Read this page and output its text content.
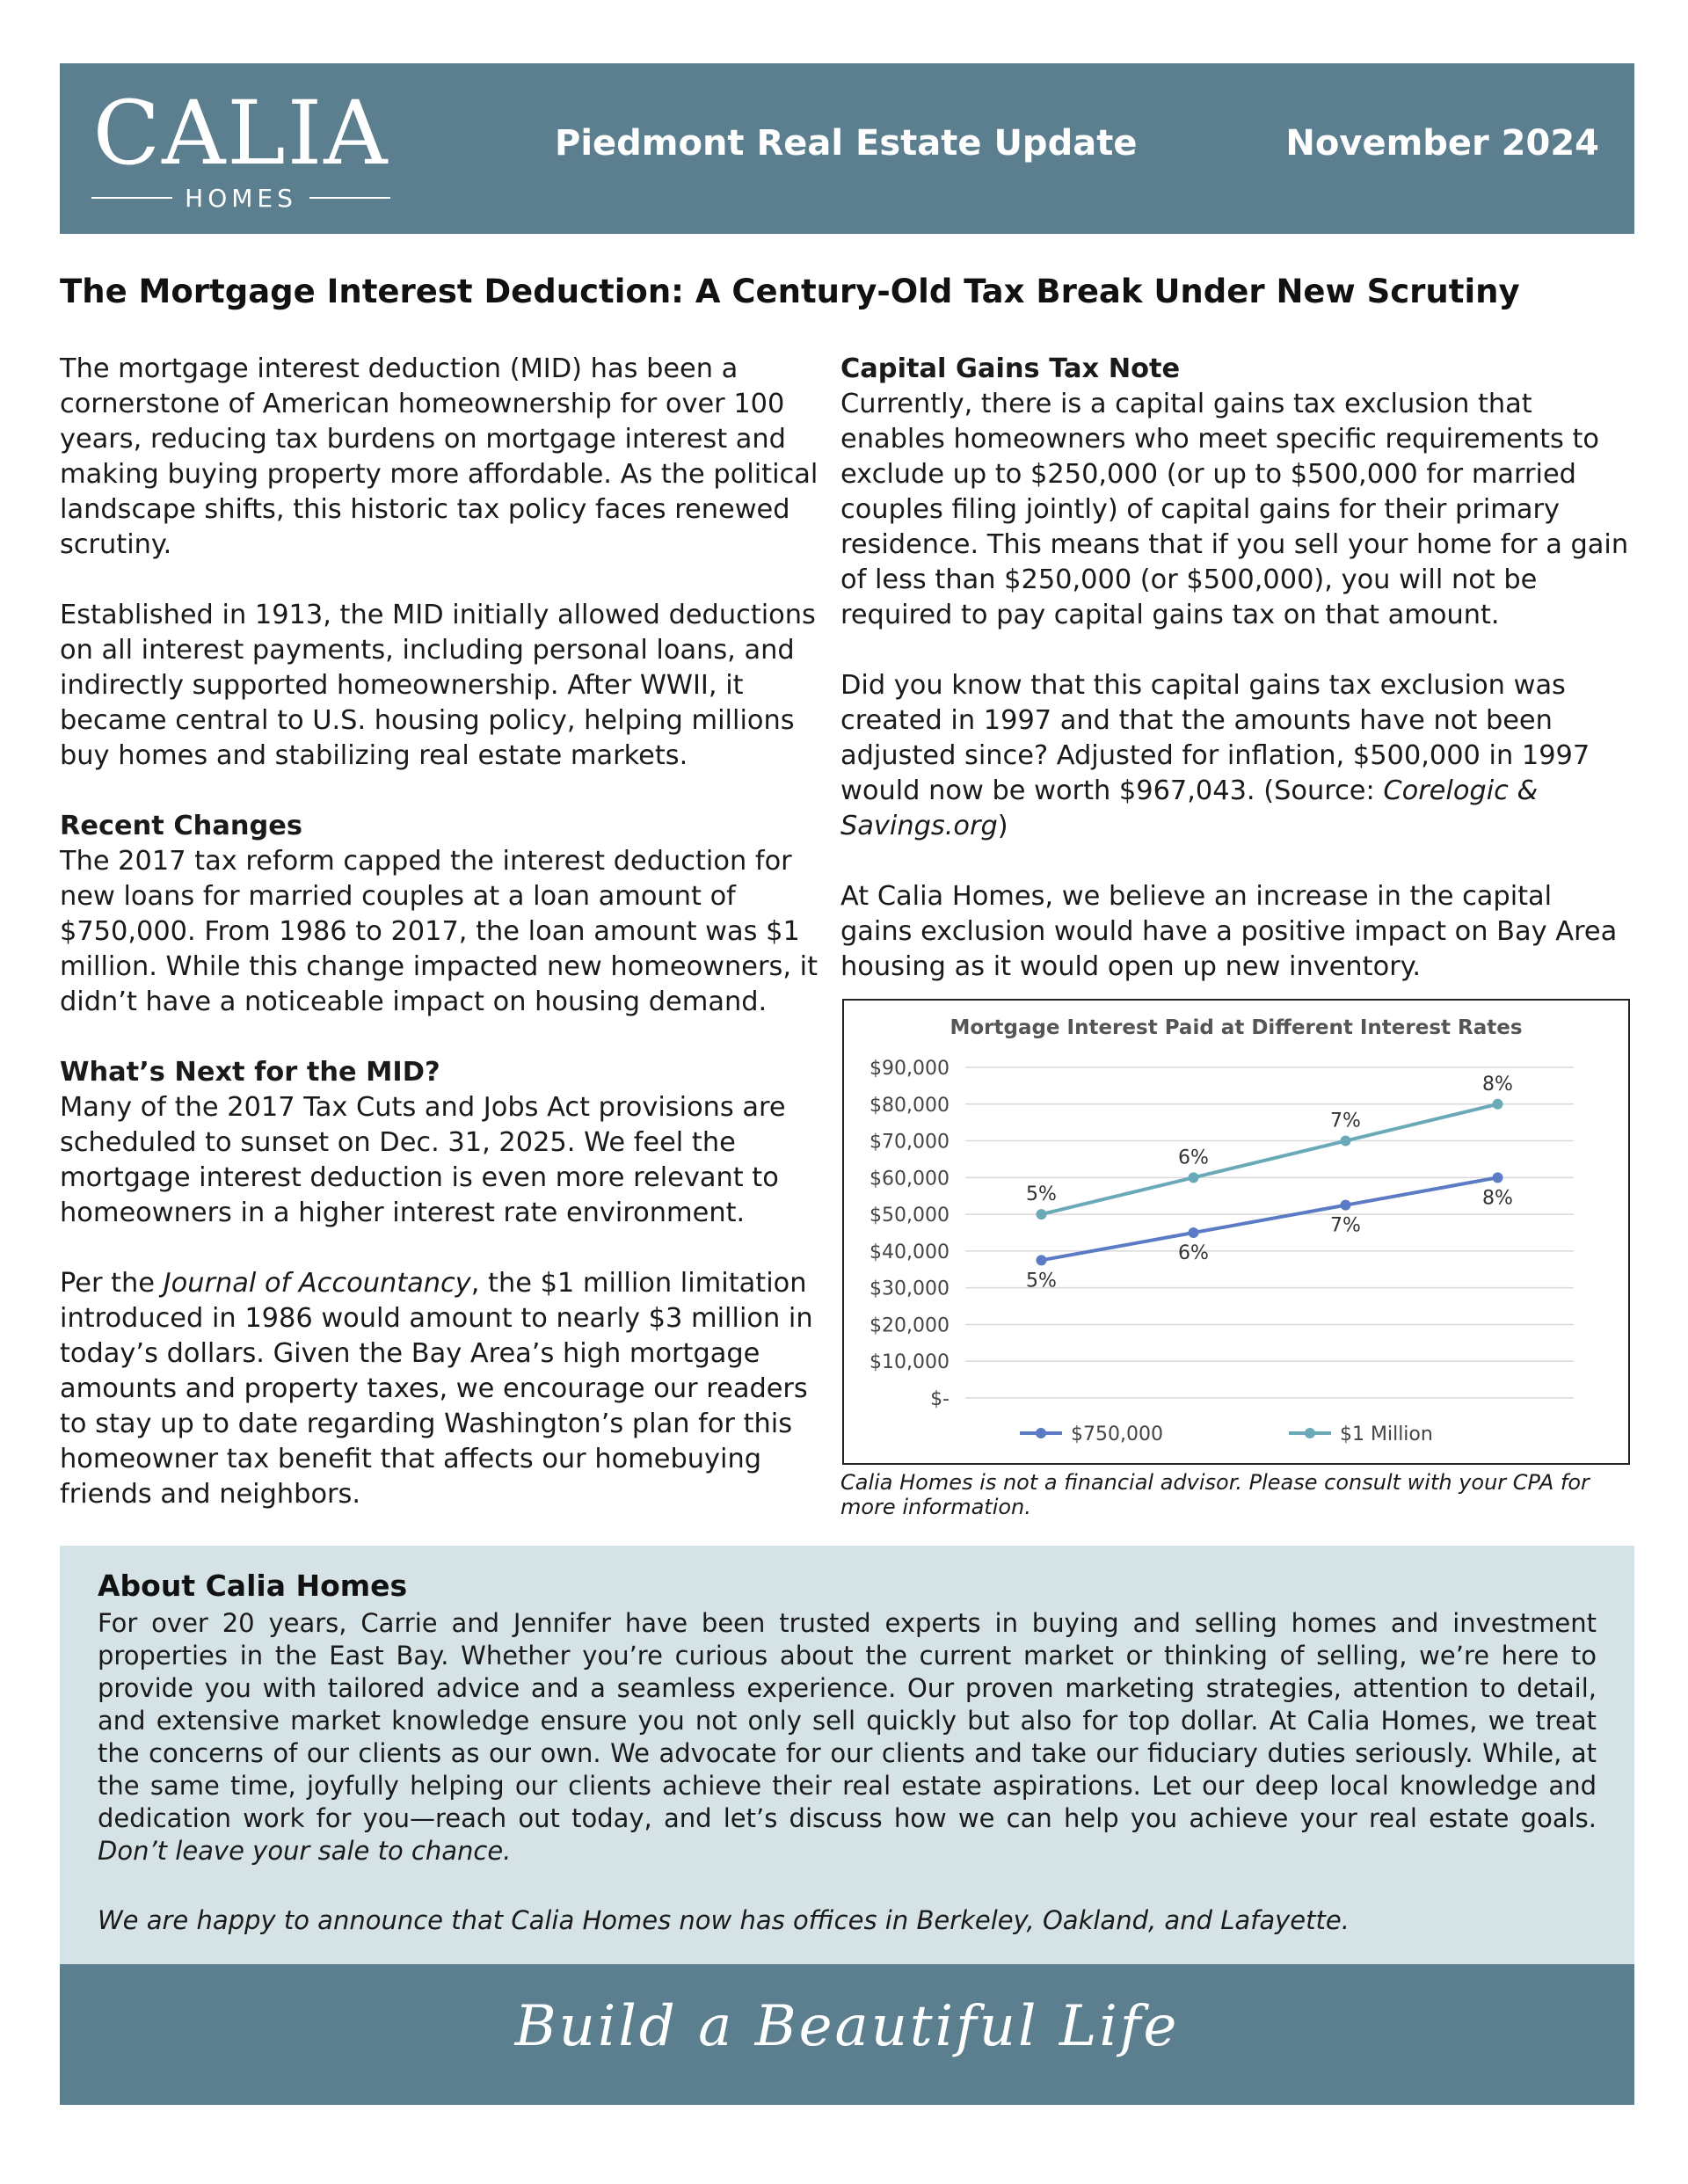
CALIA
HOMES
Piedmont Real Estate Update	November 2024
The Mortgage Interest Deduction: A Century-Old Tax Break Under New Scrutiny

The mortgage interest deduction (MID) has been a cornerstone of American homeownership for over 100 years, reducing tax burdens on mortgage interest and making buying property more affordable. As the political landscape shifts, this historic tax policy faces renewed scrutiny.

Established in 1913, the MID initially allowed deductions on all interest payments, including personal loans, and indirectly supported homeownership. After WWII, it became central to U.S. housing policy, helping millions buy homes and stabilizing real estate markets.

Recent Changes
The 2017 tax reform capped the interest deduction for new loans for married couples at a loan amount of $750,000. From 1986 to 2017, the loan amount was $1 million. While this change impacted new homeowners, it didn’t have a noticeable impact on housing demand.

What’s Next for the MID?
Many of the 2017 Tax Cuts and Jobs Act provisions are scheduled to sunset on Dec. 31, 2025. We feel the mortgage interest deduction is even more relevant to homeowners in a higher interest rate environment.

Per the Journal of Accountancy, the $1 million limitation introduced in 1986 would amount to nearly $3 million in today’s dollars. Given the Bay Area’s high mortgage amounts and property taxes, we encourage our readers to stay up to date regarding Washington’s plan for this homeowner tax benefit that affects our homebuying friends and neighbors.

Capital Gains Tax Note
Currently, there is a capital gains tax exclusion that enables homeowners who meet specific requirements to exclude up to $250,000 (or up to $500,000 for married couples filing jointly) of capital gains for their primary residence. This means that if you sell your home for a gain of less than $250,000 (or $500,000), you will not be required to pay capital gains tax on that amount.

Did you know that this capital gains tax exclusion was created in 1997 and that the amounts have not been adjusted since? Adjusted for inflation, $500,000 in 1997 would now be worth $967,043. (Source: Corelogic & Savings.org)

At Calia Homes, we believe an increase in the capital gains exclusion would have a positive impact on Bay Area housing as it would open up new inventory.

$-
$10,000
$20,000
$30,000
$40,000
$50,000
$60,000
$70,000
$80,000
$90,000
5%
6%
7%
8%
5%
6%
7%
8%
$750,000	$1 Million
Mortgage Interest Paid at Different Interest Rates
Calia Homes is not a financial advisor. Please consult with your CPA for more information.
About Calia Homes
For over 20 years, Carrie and Jennifer have been trusted experts in buying and selling homes and investment properties in the East Bay. Whether you’re curious about the current market or thinking of selling, we’re here to provide you with tailored advice and a seamless experience. Our proven marketing strategies, attention to detail, and extensive market knowledge ensure you not only sell quickly but also for top dollar. At Calia Homes, we treat the concerns of our clients as our own. We advocate for our clients and take our fiduciary duties seriously. While, at the same time, joyfully helping our clients achieve their real estate aspirations. Let our deep local knowledge and dedication work for you—reach out today, and let’s discuss how we can help you achieve your real estate goals. Don’t leave your sale to chance.
We are happy to announce that Calia Homes now has offices in Berkeley, Oakland, and Lafayette.
Build a Beautiful Life
